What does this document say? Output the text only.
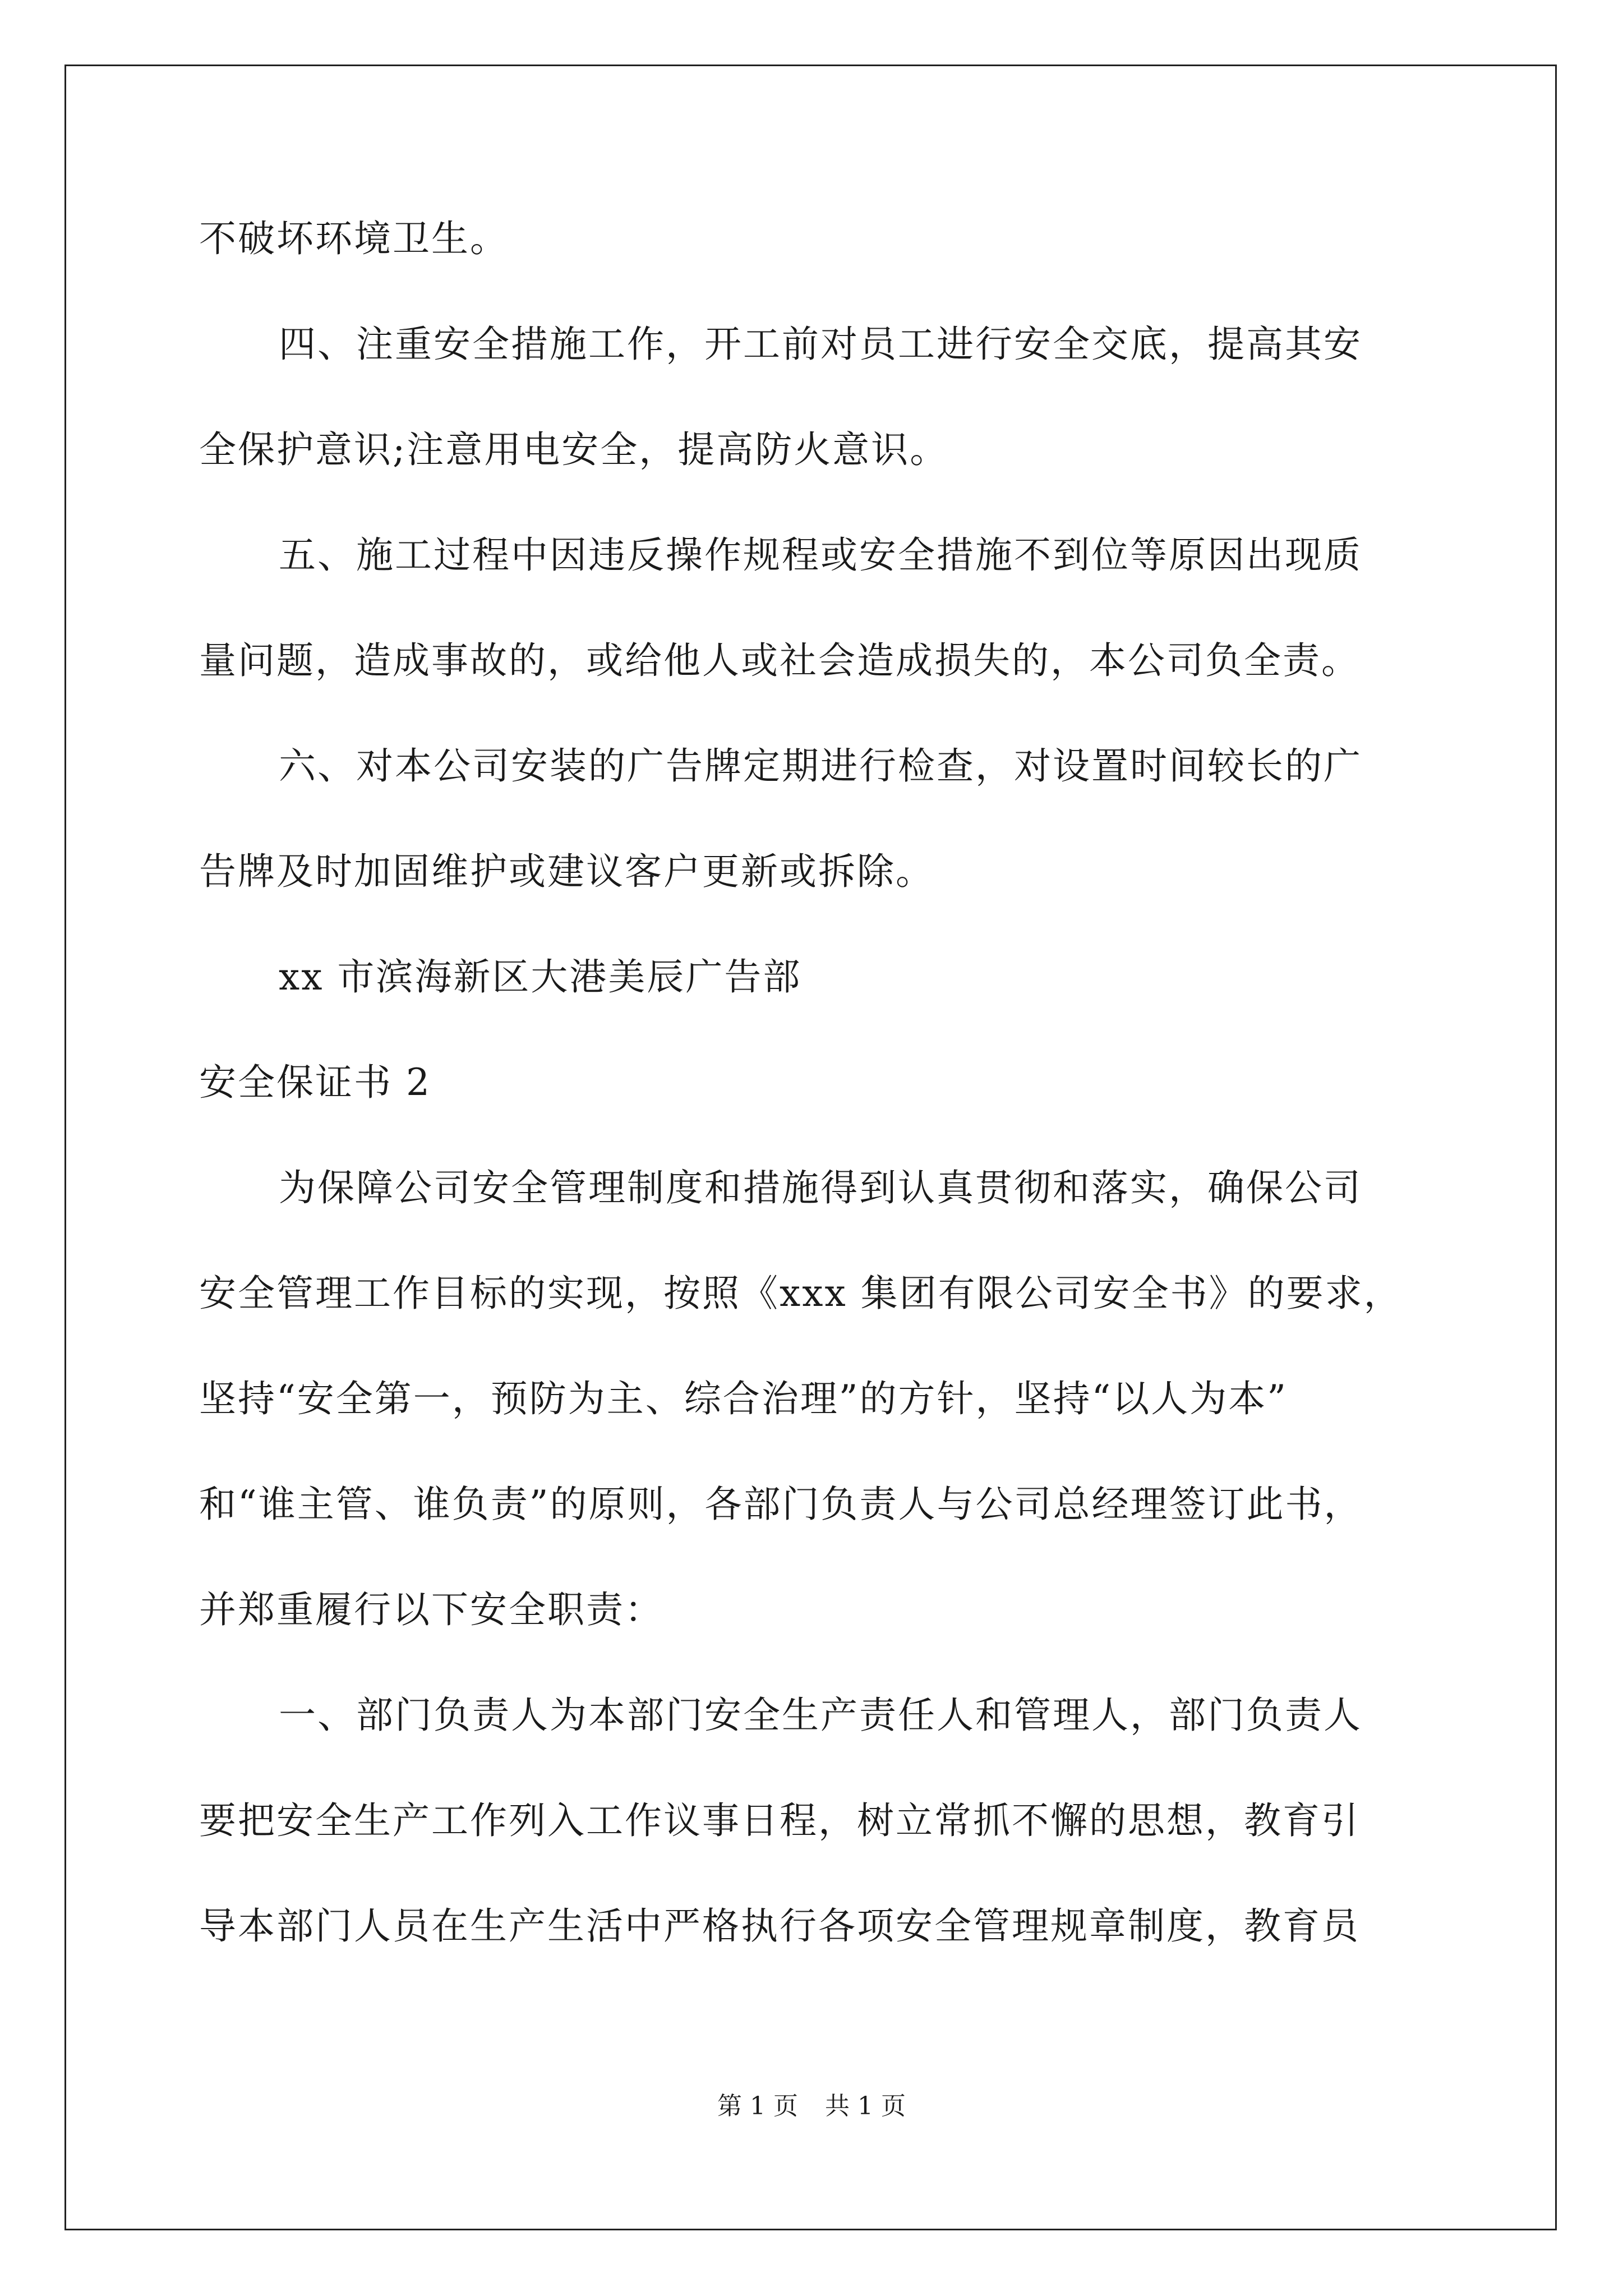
不破坏环境卫生。
四、注重安全措施工作，开工前对员工进行安全交底，提高其安
全保护意识;注意用电安全，提高防火意识。
五、施工过程中因违反操作规程或安全措施不到位等原因出现质
量问题，造成事故的，或给他人或社会造成损失的，本公司负全责。
六、对本公司安装的广告牌定期进行检查，对设置时间较长的广
告牌及时加固维护或建议客户更新或拆除。
xx 市滨海新区大港美辰广告部
安全保证书 2
为保障公司安全管理制度和措施得到认真贯彻和落实，确保公司
安全管理工作目标的实现，按照《xxx 集团有限公司安全书》的要求，
坚持“安全第一，预防为主、综合治理”的方针，坚持“以人为本”
和“谁主管、谁负责”的原则，各部门负责人与公司总经理签订此书，
并郑重履行以下安全职责：
一、部门负责人为本部门安全生产责任人和管理人，部门负责人
要把安全生产工作列入工作议事日程，树立常抓不懈的思想，教育引
导本部门人员在生产生活中严格执行各项安全管理规章制度，教育员
第 1 页 共 1 页
